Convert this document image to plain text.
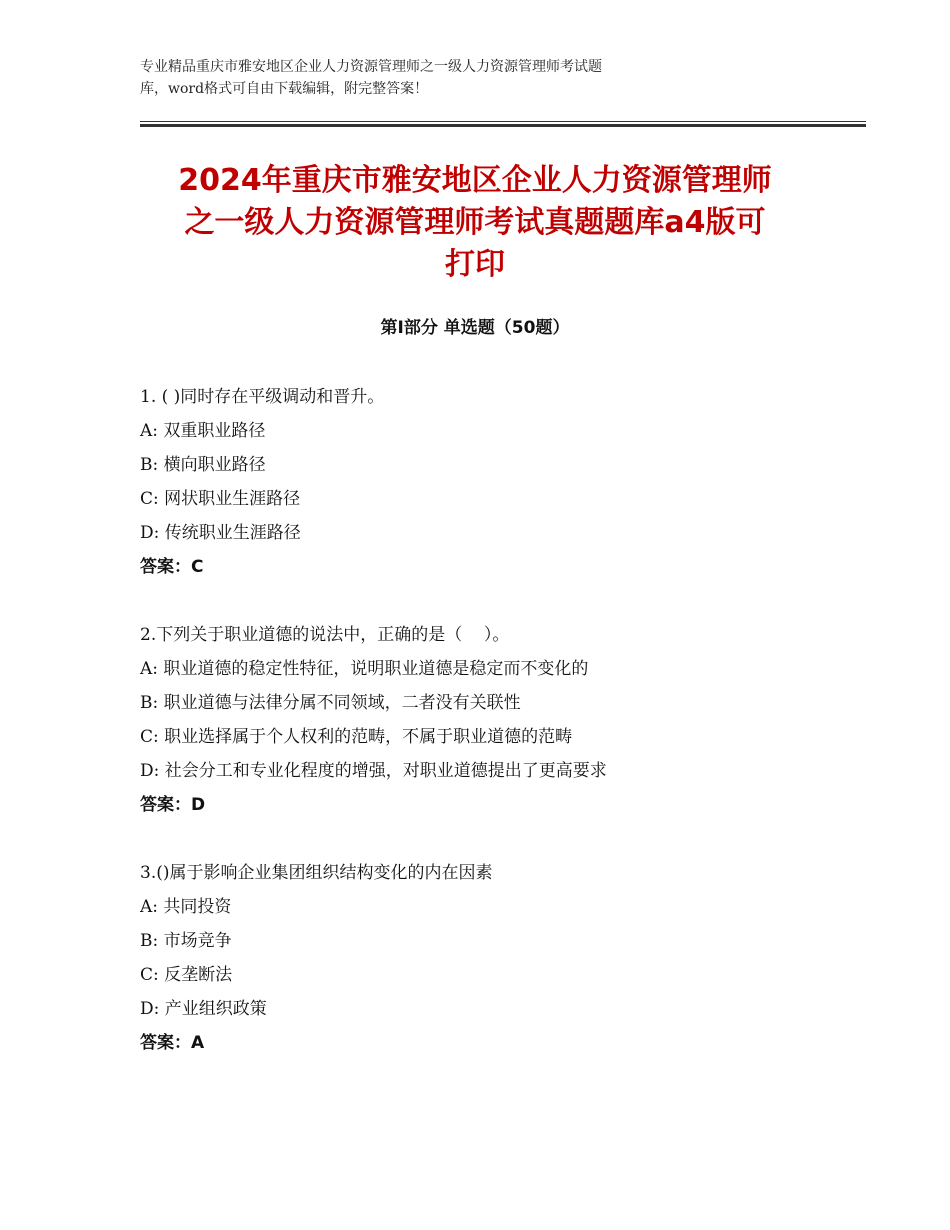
专业精品重庆市雅安地区企业人力资源管理师之一级人力资源管理师考试题
库，word格式可自由下载编辑，附完整答案！
2024年重庆市雅安地区企业人力资源管理师
之一级人力资源管理师考试真题题库a4版可
打印
第Ⅰ部分 单选题（50题）
1. ( )同时存在平级调动和晋升。
A: 双重职业路径
B: 横向职业路径
C: 网状职业生涯路径
D: 传统职业生涯路径
答案：C
2.下列关于职业道德的说法中，正确的是（    ）。
A: 职业道德的稳定性特征，说明职业道德是稳定而不变化的
B: 职业道德与法律分属不同领域，二者没有关联性
C: 职业选择属于个人权利的范畴，不属于职业道德的范畴
D: 社会分工和专业化程度的增强，对职业道德提出了更高要求
答案：D
3.()属于影响企业集团组织结构变化的内在因素
A: 共同投资
B: 市场竞争
C: 反垄断法
D: 产业组织政策
答案：A
